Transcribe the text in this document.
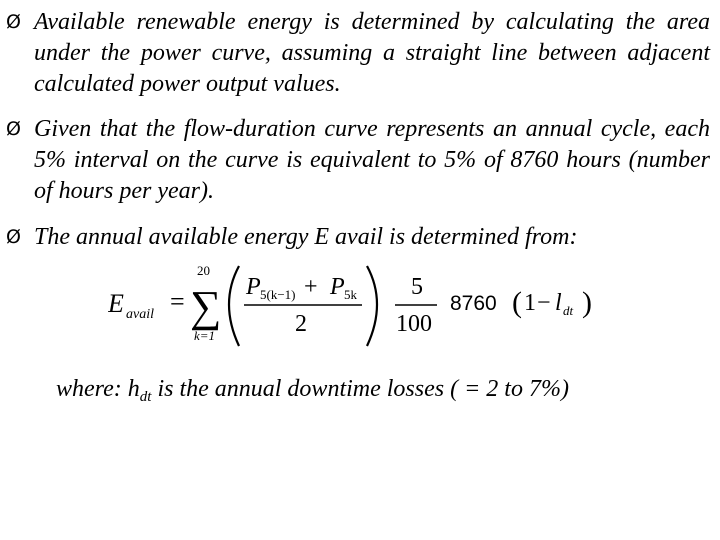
Ø Available renewable energy is determined by calculating the area under the power curve, assuming a straight line between adjacent calculated power output values.
Ø Given that the flow-duration curve represents an annual cycle, each 5% interval on the curve is equivalent to 5% of 8760 hours (number of hours per year).
Ø The annual available energy E avail is determined from:
E avail =
20
∑
k=1
P 5(k−1) + P 5k
2
5
100
8760 ( 1 − l dt )
where: $h_{dt}$ is the annual downtime losses ( = 2 to 7%)
